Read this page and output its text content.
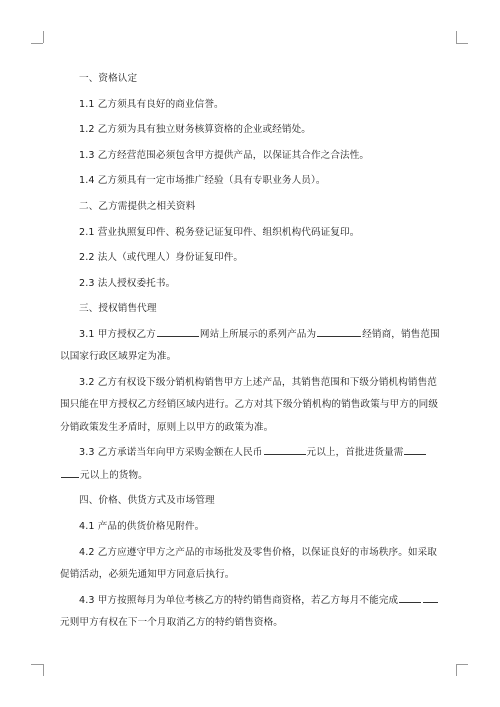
一、资格认定

1.1 乙方须具有良好的商业信誉。

1.2 乙方须为具有独立财务核算资格的企业或经销处。

1.3 乙方经营范围必须包含甲方提供产品，以保证其合作之合法性。

1.4 乙方须具有一定市场推广经验（具有专职业务人员）。

二、乙方需提供之相关资料

2.1 营业执照复印件、税务登记证复印件、组织机构代码证复印。

2.2 法人（或代理人）身份证复印件。

2.3 法人授权委托书。

三、授权销售代理

3.1 甲方授权乙方	网站上所展示的系列产品为	经销商，销售范围以国家行政区域界定为准。

3.2 乙方有权设下级分销机构销售甲方上述产品，其销售范围和下级分销机构销售范围只能在甲方授权乙方经销区域内进行。乙方对其下级分销机构的销售政策与甲方的同级分销政策发生矛盾时，原则上以甲方的政策为准。

3.3 乙方承诺当年向甲方采购金额在人民币	元以上，首批进货量需元以上的货物。

四、价格、供货方式及市场管理

4.1 产品的供货价格见附件。

4.2 乙方应遵守甲方之产品的市场批发及零售价格，以保证良好的市场秩序。如采取促销活动，必须先通知甲方同意后执行。

4.3 甲方按照每月为单位考核乙方的特约销售商资格，若乙方每月不能完成元则甲方有权在下一个月取消乙方的特约销售资格。
